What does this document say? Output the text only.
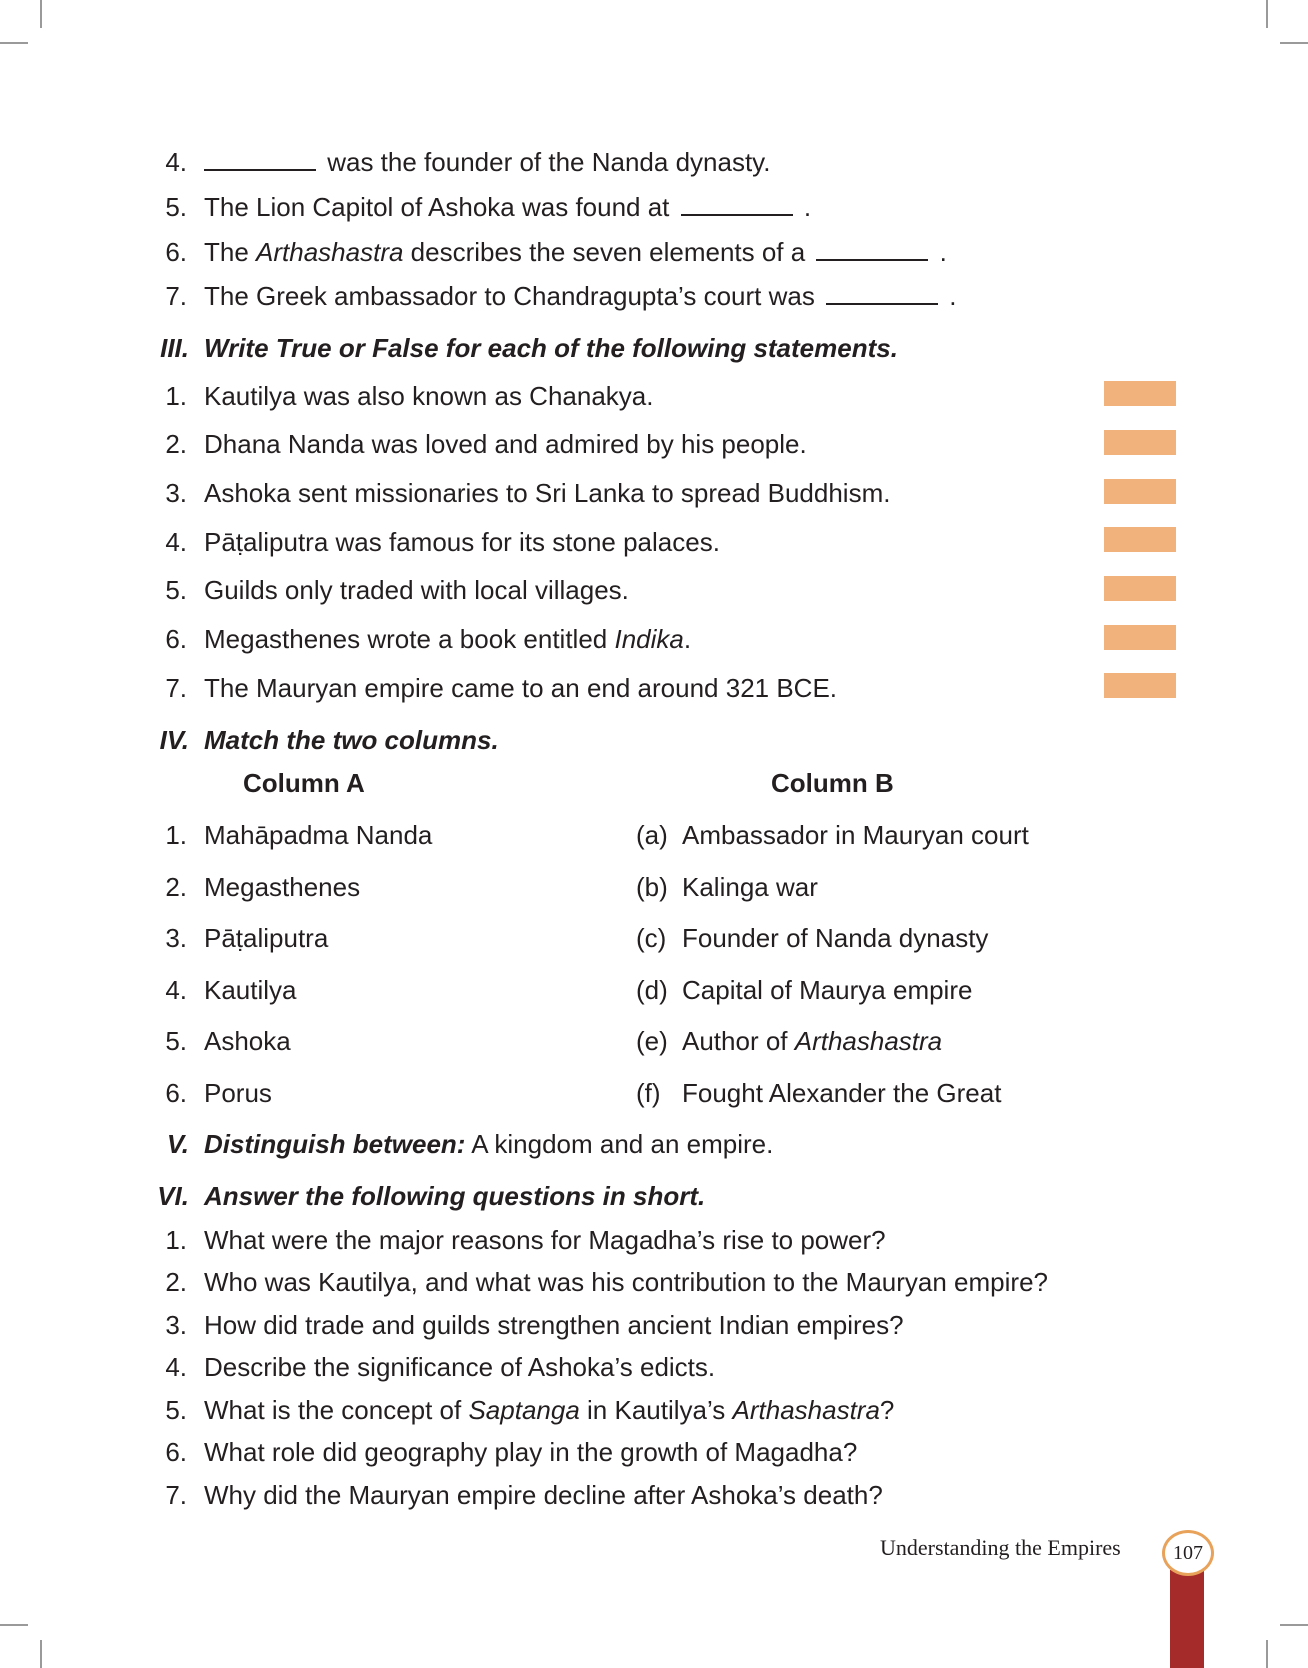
4.	was the founder of the Nanda dynasty.
5. The Lion Capitol of Ashoka was found at	.
6. The Arthashastra describes the seven elements of a	.
7. The Greek ambassador to Chandragupta’s court was	.
III. Write True or False for each of the following statements.
1. Kautilya was also known as Chanakya.
2. Dhana Nanda was loved and admired by his people.
3. Ashoka sent missionaries to Sri Lanka to spread Buddhism.
4. Pāṭaliputra was famous for its stone palaces.
5. Guilds only traded with local villages.
6. Megasthenes wrote a book entitled Indika.
7. The Mauryan empire came to an end around 321 BCE.
IV. Match the two columns.
Column A	Column B
1. Mahāpadma Nanda	(a) Ambassador in Mauryan court
2. Megasthenes	(b) Kalinga war
3. Pāṭaliputra	(c) Founder of Nanda dynasty
4. Kautilya	(d) Capital of Maurya empire
5. Ashoka	(e) Author of Arthashastra
6. Porus	(f) Fought Alexander the Great
V. Distinguish between: A kingdom and an empire.
VI. Answer the following questions in short.
1. What were the major reasons for Magadha’s rise to power?
2. Who was Kautilya, and what was his contribution to the Mauryan empire?
3. How did trade and guilds strengthen ancient Indian empires?
4. Describe the significance of Ashoka’s edicts.
5. What is the concept of Saptanga in Kautilya’s Arthashastra?
6. What role did geography play in the growth of Magadha?
7. Why did the Mauryan empire decline after Ashoka’s death?
Understanding the Empires	107
